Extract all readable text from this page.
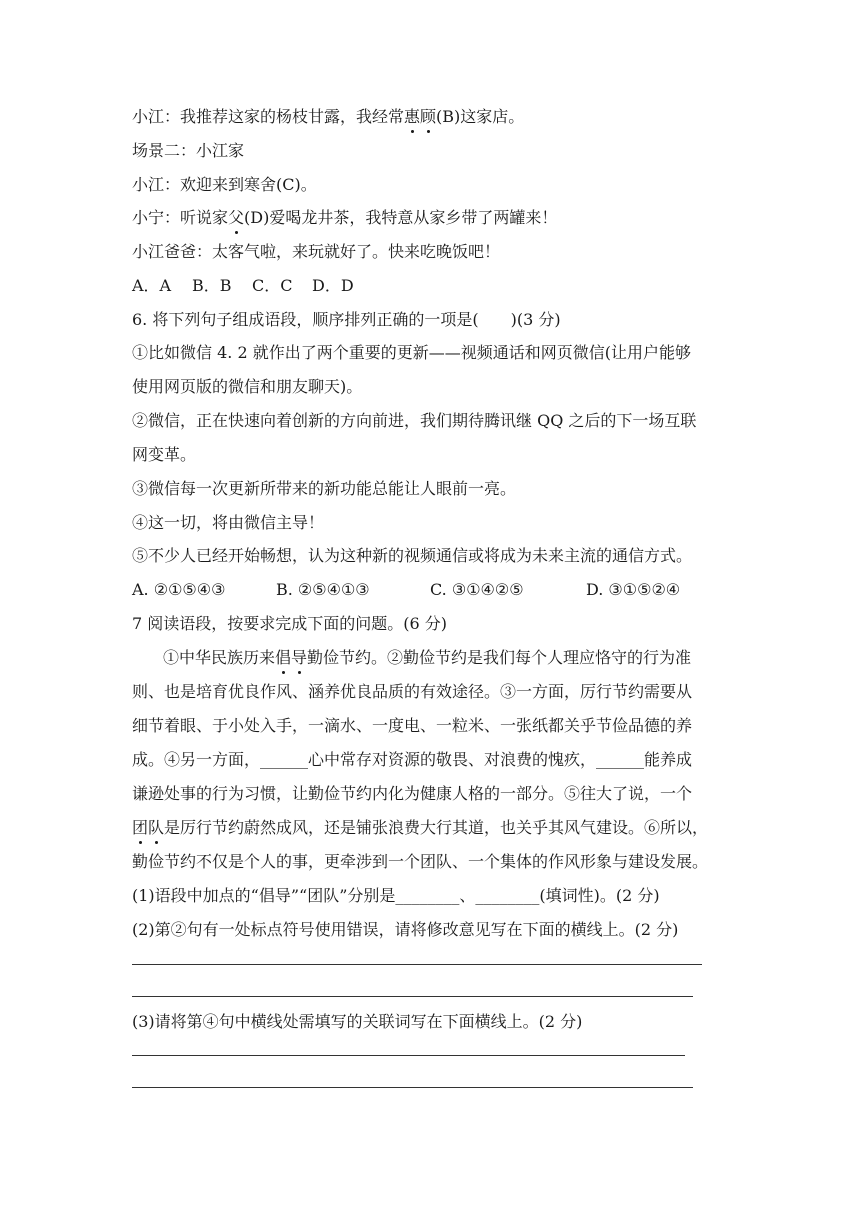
小江：我推荐这家的杨枝甘露，我经常惠顾(B)这家店。
场景二：小江家
小江：欢迎来到寒舍(C)。
小宁：听说家父(D)爱喝龙井茶，我特意从家乡带了两罐来！
小江爸爸：太客气啦，来玩就好了。快来吃晚饭吧！
A．A B．B C．C D．D
6. 将下列句子组成语段，顺序排列正确的一项是(　　)(3 分)
①比如微信 4. 2 就作出了两个重要的更新——视频通话和网页微信(让用户能够
使用网页版的微信和朋友聊天)。
②微信，正在快速向着创新的方向前进，我们期待腾讯继 QQ 之后的下一场互联
网变革。
③微信每一次更新所带来的新功能总能让人眼前一亮。
④这一切，将由微信主导！
⑤不少人已经开始畅想，认为这种新的视频通信或将成为未来主流的通信方式。
A. ②①⑤④③	B. ②⑤④①③	C. ③①④②⑤	D. ③①⑤②④
7 阅读语段，按要求完成下面的问题。(6 分)
①中华民族历来倡导勤俭节约。②勤俭节约是我们每个人理应恪守的行为准
则、也是培育优良作风、涵养优良品质的有效途径。③一方面，厉行节约需要从
细节着眼、于小处入手，一滴水、一度电、一粒米、一张纸都关乎节俭品德的养
成。④另一方面，______心中常存对资源的敬畏、对浪费的愧疚，______能养成
谦逊处事的行为习惯，让勤俭节约内化为健康人格的一部分。⑤往大了说，一个
团队是厉行节约蔚然成风，还是铺张浪费大行其道，也关乎其风气建设。⑥所以，
勤俭节约不仅是个人的事，更牵涉到一个团队、一个集体的作风形象与建设发展。
(1)语段中加点的“倡导”“团队”分别是________、________(填词性)。(2 分)
(2)第②句有一处标点符号使用错误，请将修改意见写在下面的横线上。(2 分)
(3)请将第④句中横线处需填写的关联词写在下面横线上。(2 分)
